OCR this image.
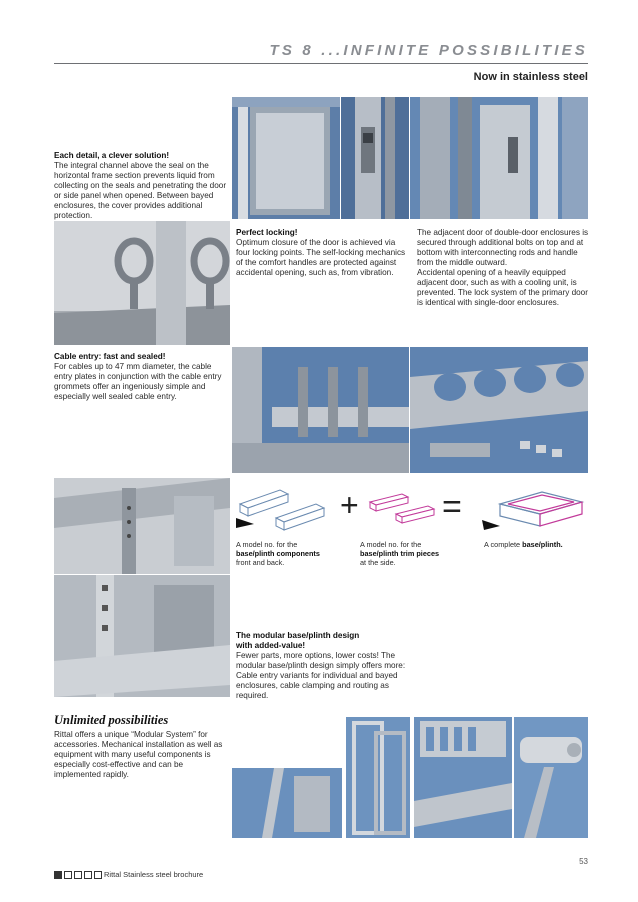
TS 8 ...INFINITE POSSIBILITIES
Now in stainless steel
Each detail, a clever solution!
The integral channel above the seal on the horizontal frame section prevents liquid from collecting on the seals and penetrating the door or side panel when opened. Between bayed enclosures, the cover provides additional protection.
Perfect locking!
Optimum closure of the door is achieved via four locking points. The self-locking mechanics of the comfort handles are protected against accidental opening, such as, from vibration.
The adjacent door of double-door enclosures is secured through additional bolts on top and at bottom with interconnecting rods and handle from the middle outward.
Accidental opening of a heavily equipped adjacent door, such as with a cooling unit, is prevented. The lock system of the primary door is identical with single-door enclosures.
Cable entry: fast and sealed!
For cables up to 47 mm diameter, the cable entry plates in conjunction with the cable entry grommets offer an ingeniously simple and especially well sealed cable entry.
+ =
A model no. for the
base/plinth components
front and back.
A model no. for the
base/plinth trim pieces
at the side.
A complete base/plinth.
The modular base/plinth design
with added-value!
Fewer parts, more options, lower costs! The modular base/plinth design simply offers more: Cable entry variants for individual and bayed enclosures, cable clamping and routing as required.
Unlimited possibilities
Rittal offers a unique “Modular System” for accessories. Mechanical installation as well as equipment with many useful components is especially cost-effective and can be implemented rapidly.
53
Rittal Stainless steel brochure
